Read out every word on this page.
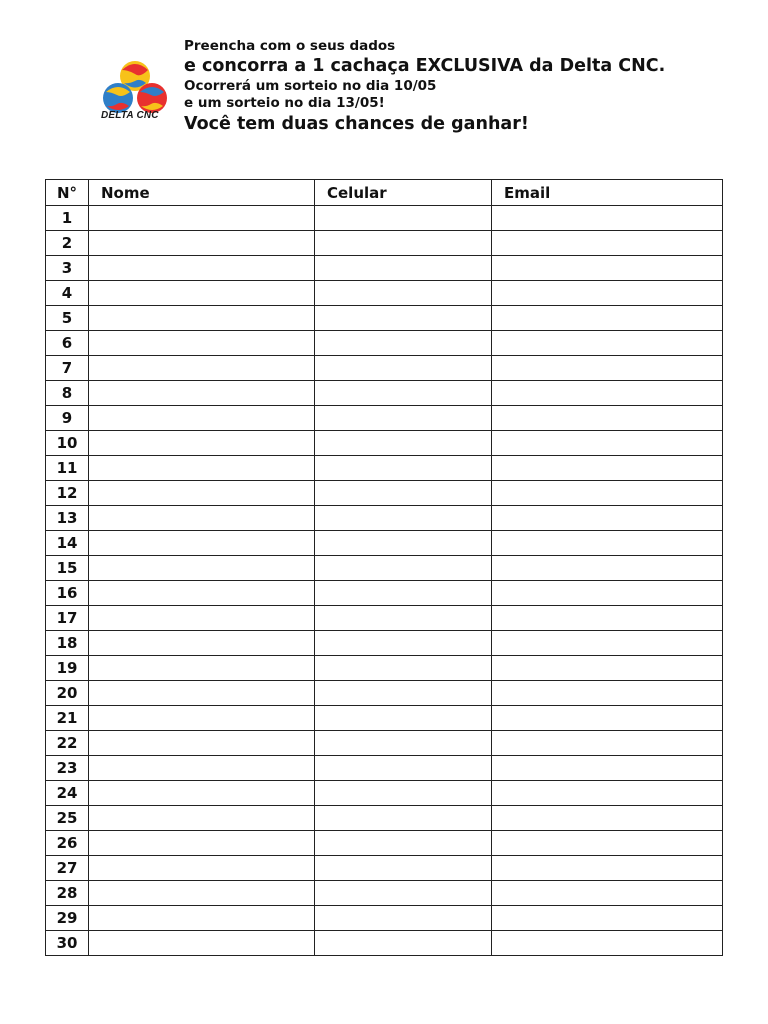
DELTA CNC
Preencha com o seus dados
e concorra a 1 cachaça EXCLUSIVA da Delta CNC.
Ocorrerá um sorteio no dia 10/05
e um sorteio no dia 13/05!
Você tem duas chances de ganhar!
N°	Nome	Celular	Email
1			
2			
3			
4			
5			
6			
7			
8			
9			
10			
11			
12			
13			
14			
15			
16			
17			
18			
19			
20			
21			
22			
23			
24			
25			
26			
27			
28			
29			
30			
